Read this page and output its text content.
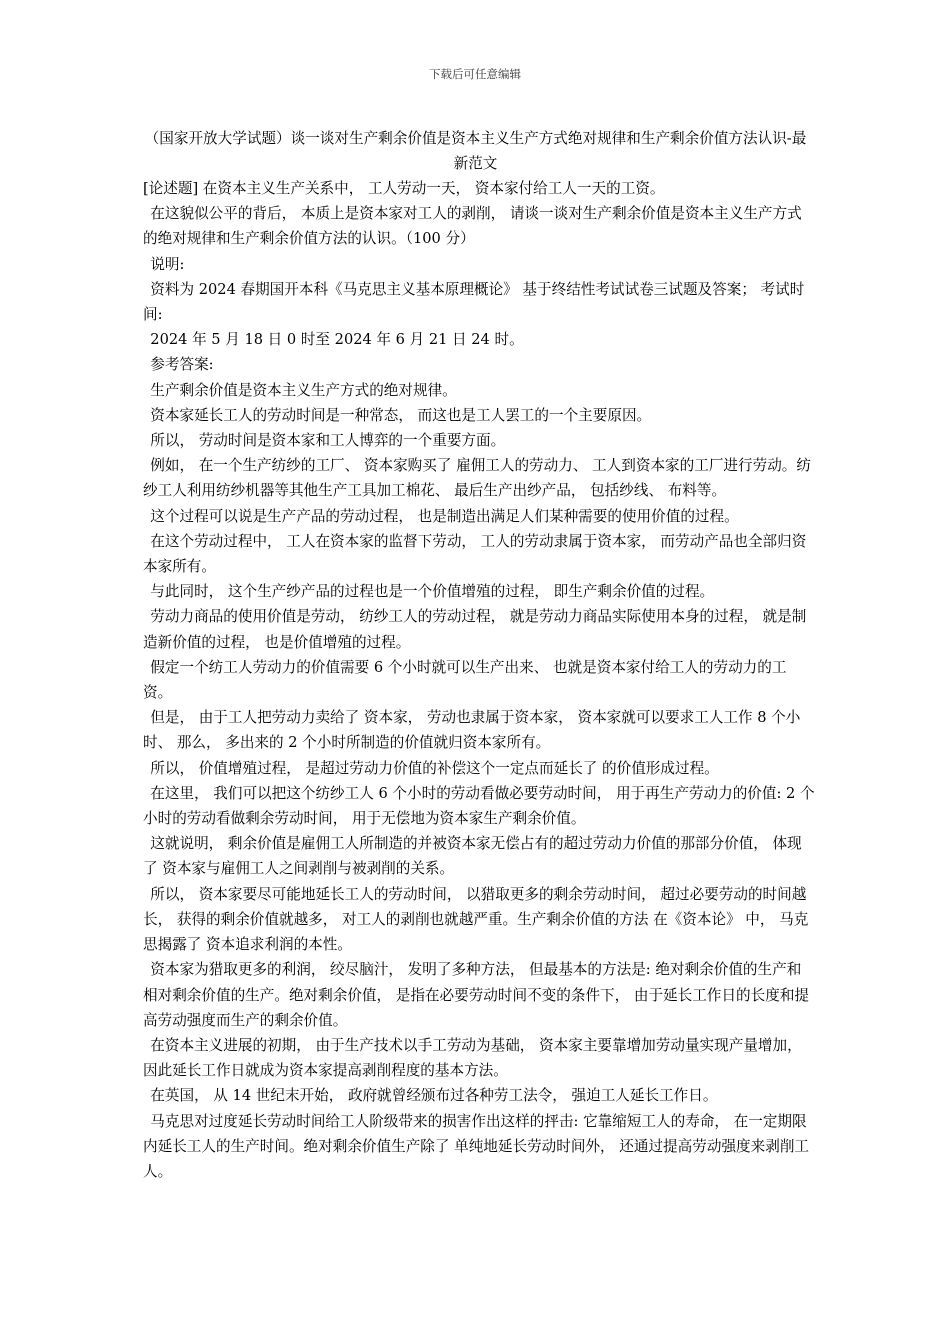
下载后可任意编辑
（国家开放大学试题）谈一谈对生产剩余价值是资本主义生产方式绝对规律和生产剩余价值方法认识-最新范文

[论述题] 在资本主义生产关系中， 工人劳动一天， 资本家付给工人一天的工资。

在这貌似公平的背后， 本质上是资本家对工人的剥削， 请谈一谈对生产剩余价值是资本主义生产方式的绝对规律和生产剩余价值方法的认识。（100 分）

说明:

资料为 2024 春期国开本科《马克思主义基本原理概论》 基于终结性考试试卷三试题及答案； 考试时间:

2024 年 5 月 18 日 0 时至 2024 年 6 月 21 日 24 时。

参考答案:

生产剩余价值是资本主义生产方式的绝对规律。

资本家延长工人的劳动时间是一种常态， 而这也是工人罢工的一个主要原因。

所以， 劳动时间是资本家和工人博弈的一个重要方面。

例如， 在一个生产纺纱的工厂、 资本家购买了 雇佣工人的劳动力、 工人到资本家的工厂进行劳动。纺纱工人利用纺纱机器等其他生产工具加工棉花、 最后生产出纱产品， 包括纱线、 布料等。

这个过程可以说是生产产品的劳动过程， 也是制造出满足人们某种需要的使用价值的过程。

在这个劳动过程中， 工人在资本家的监督下劳动， 工人的劳动隶属于资本家， 而劳动产品也全部归资本家所有。

与此同时， 这个生产纱产品的过程也是一个价值增殖的过程， 即生产剩余价值的过程。

劳动力商品的使用价值是劳动， 纺纱工人的劳动过程， 就是劳动力商品实际使用本身的过程， 就是制造新价值的过程， 也是价值增殖的过程。

假定一个纺工人劳动力的价值需要 6 个小时就可以生产出来、 也就是资本家付给工人的劳动力的工资。

但是， 由于工人把劳动力卖给了 资本家， 劳动也隶属于资本家， 资本家就可以要求工人工作 8 个小时、 那么， 多出来的 2 个小时所制造的价值就归资本家所有。

所以， 价值增殖过程， 是超过劳动力价值的补偿这个一定点而延长了 的价值形成过程。

在这里， 我们可以把这个纺纱工人 6 个小时的劳动看做必要劳动时间， 用于再生产劳动力的价值: 2 个小时的劳动看做剩余劳动时间， 用于无偿地为资本家生产剩余价值。

这就说明， 剩余价值是雇佣工人所制造的并被资本家无偿占有的超过劳动力价值的那部分价值， 体现了 资本家与雇佣工人之间剥削与被剥削的关系。

所以， 资本家要尽可能地延长工人的劳动时间， 以猎取更多的剩余劳动时间， 超过必要劳动的时间越长， 获得的剩余价值就越多， 对工人的剥削也就越严重。生产剩余价值的方法 在《资本论》 中， 马克思揭露了 资本追求利润的本性。

资本家为猎取更多的利润， 绞尽脑汁， 发明了多种方法， 但最基本的方法是: 绝对剩余价值的生产和相对剩余价值的生产。绝对剩余价值， 是指在必要劳动时间不变的条件下， 由于延长工作日的长度和提高劳动强度而生产的剩余价值。

在资本主义进展的初期， 由于生产技术以手工劳动为基础， 资本家主要靠增加劳动量实现产量增加，因此延长工作日就成为资本家提高剥削程度的基本方法。

在英国， 从 14 世纪末开始， 政府就曾经颁布过各种劳工法令， 强迫工人延长工作日。

马克思对过度延长劳动时间给工人阶级带来的损害作出这样的抨击: 它靠缩短工人的寿命， 在一定期限内延长工人的生产时间。绝对剩余价值生产除了 单纯地延长劳动时间外， 还通过提高劳动强度来剥削工人。
